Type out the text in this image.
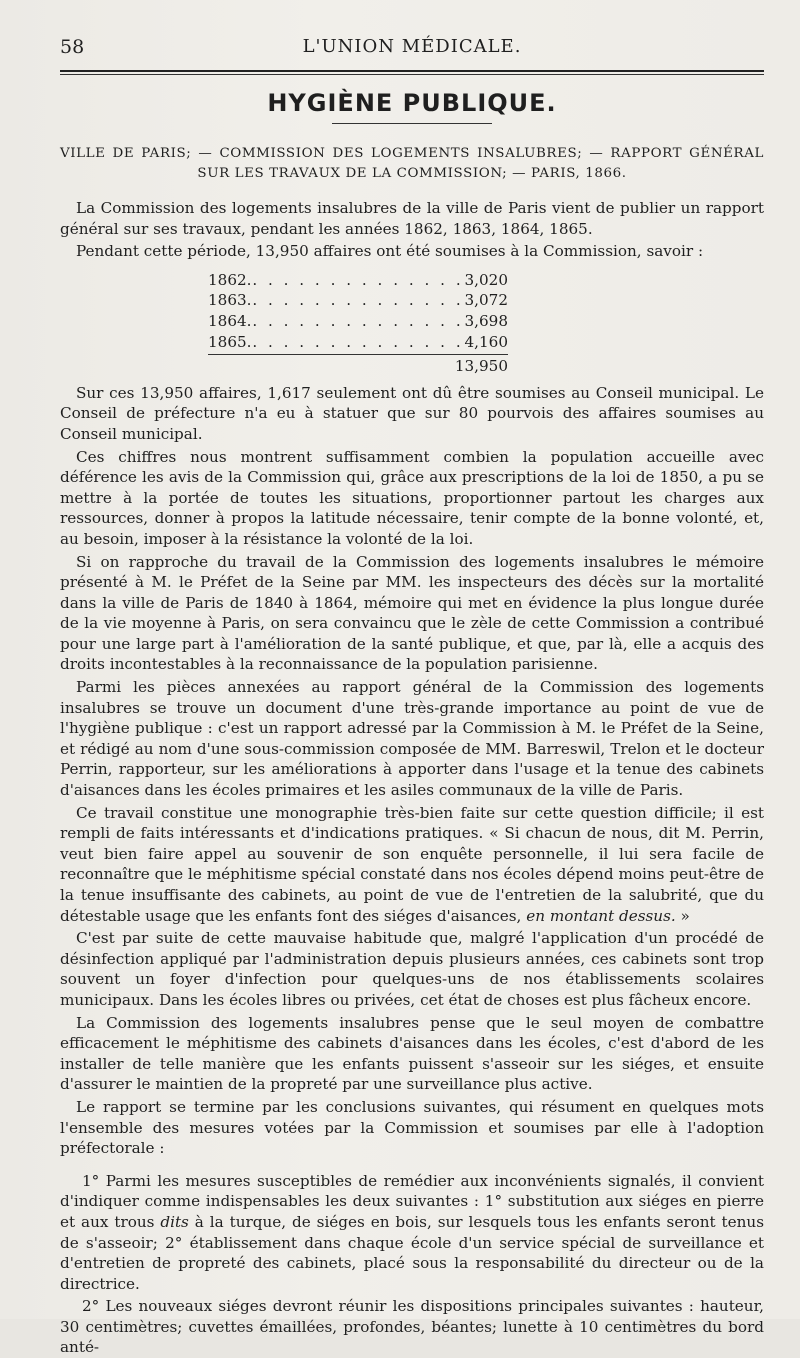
58	L'UNION MÉDICALE.
HYGIÈNE PUBLIQUE.
VILLE DE PARIS; — COMMISSION DES LOGEMENTS INSALUBRES; — RAPPORT GÉNÉRAL
SUR LES TRAVAUX DE LA COMMISSION; — PARIS, 1866.

La Commission des logements insalubres de la ville de Paris vient de publier un rapport général sur ses travaux, pendant les années 1862, 1863, 1864, 1865.

Pendant cette période, 13,950 affaires ont été soumises à la Commission, savoir :

1862. . . . . . . . . . . . . . . 3,020
1863. . . . . . . . . . . . . . . 3,072
1864. . . . . . . . . . . . . . . 3,698
1865. . . . . . . . . . . . . . . 4,160
13,950

Sur ces 13,950 affaires, 1,617 seulement ont dû être soumises au Conseil municipal. Le Conseil de préfecture n'a eu à statuer que sur 80 pourvois des affaires soumises au Conseil municipal.

Ces chiffres nous montrent suffisamment combien la population accueille avec déférence les avis de la Commission qui, grâce aux prescriptions de la loi de 1850, a pu se mettre à la portée de toutes les situations, proportionner partout les charges aux ressources, donner à propos la latitude nécessaire, tenir compte de la bonne volonté, et, au besoin, imposer à la résistance la volonté de la loi.

Si on rapproche du travail de la Commission des logements insalubres le mémoire présenté à M. le Préfet de la Seine par MM. les inspecteurs des décès sur la mortalité dans la ville de Paris de 1840 à 1864, mémoire qui met en évidence la plus longue durée de la vie moyenne à Paris, on sera convaincu que le zèle de cette Commission a contribué pour une large part à l'amélioration de la santé publique, et que, par là, elle a acquis des droits incontestables à la reconnaissance de la population parisienne.

Parmi les pièces annexées au rapport général de la Commission des logements insalubres se trouve un document d'une très-grande importance au point de vue de l'hygiène publique : c'est un rapport adressé par la Commission à M. le Préfet de la Seine, et rédigé au nom d'une sous-commission composée de MM. Barreswil, Trelon et le docteur Perrin, rapporteur, sur les améliorations à apporter dans l'usage et la tenue des cabinets d'aisances dans les écoles primaires et les asiles communaux de la ville de Paris.

Ce travail constitue une monographie très-bien faite sur cette question difficile; il est rempli de faits intéressants et d'indications pratiques. « Si chacun de nous, dit M. Perrin, veut bien faire appel au souvenir de son enquête personnelle, il lui sera facile de reconnaître que le méphitisme spécial constaté dans nos écoles dépend moins peut-être de la tenue insuffisante des cabinets, au point de vue de l'entretien de la salubrité, que du détestable usage que les enfants font des siéges d'aisances, en montant dessus. »

C'est par suite de cette mauvaise habitude que, malgré l'application d'un procédé de désinfection appliqué par l'administration depuis plusieurs années, ces cabinets sont trop souvent un foyer d'infection pour quelques-uns de nos établissements scolaires municipaux. Dans les écoles libres ou privées, cet état de choses est plus fâcheux encore.

La Commission des logements insalubres pense que le seul moyen de combattre efficacement le méphitisme des cabinets d'aisances dans les écoles, c'est d'abord de les installer de telle manière que les enfants puissent s'asseoir sur les siéges, et ensuite d'assurer le maintien de la propreté par une surveillance plus active.

Le rapport se termine par les conclusions suivantes, qui résument en quelques mots l'ensemble des mesures votées par la Commission et soumises par elle à l'adoption préfectorale :

1° Parmi les mesures susceptibles de remédier aux inconvénients signalés, il convient d'indiquer comme indispensables les deux suivantes : 1° substitution aux siéges en pierre et aux trous dits à la turque, de siéges en bois, sur lesquels tous les enfants seront tenus de s'asseoir; 2° établissement dans chaque école d'un service spécial de surveillance et d'entretien de propreté des cabinets, placé sous la responsabilité du directeur ou de la directrice.

2° Les nouveaux siéges devront réunir les dispositions principales suivantes : hauteur, 30 centimètres; cuvettes émaillées, profondes, béantes; lunette à 10 centimètres du bord anté-
